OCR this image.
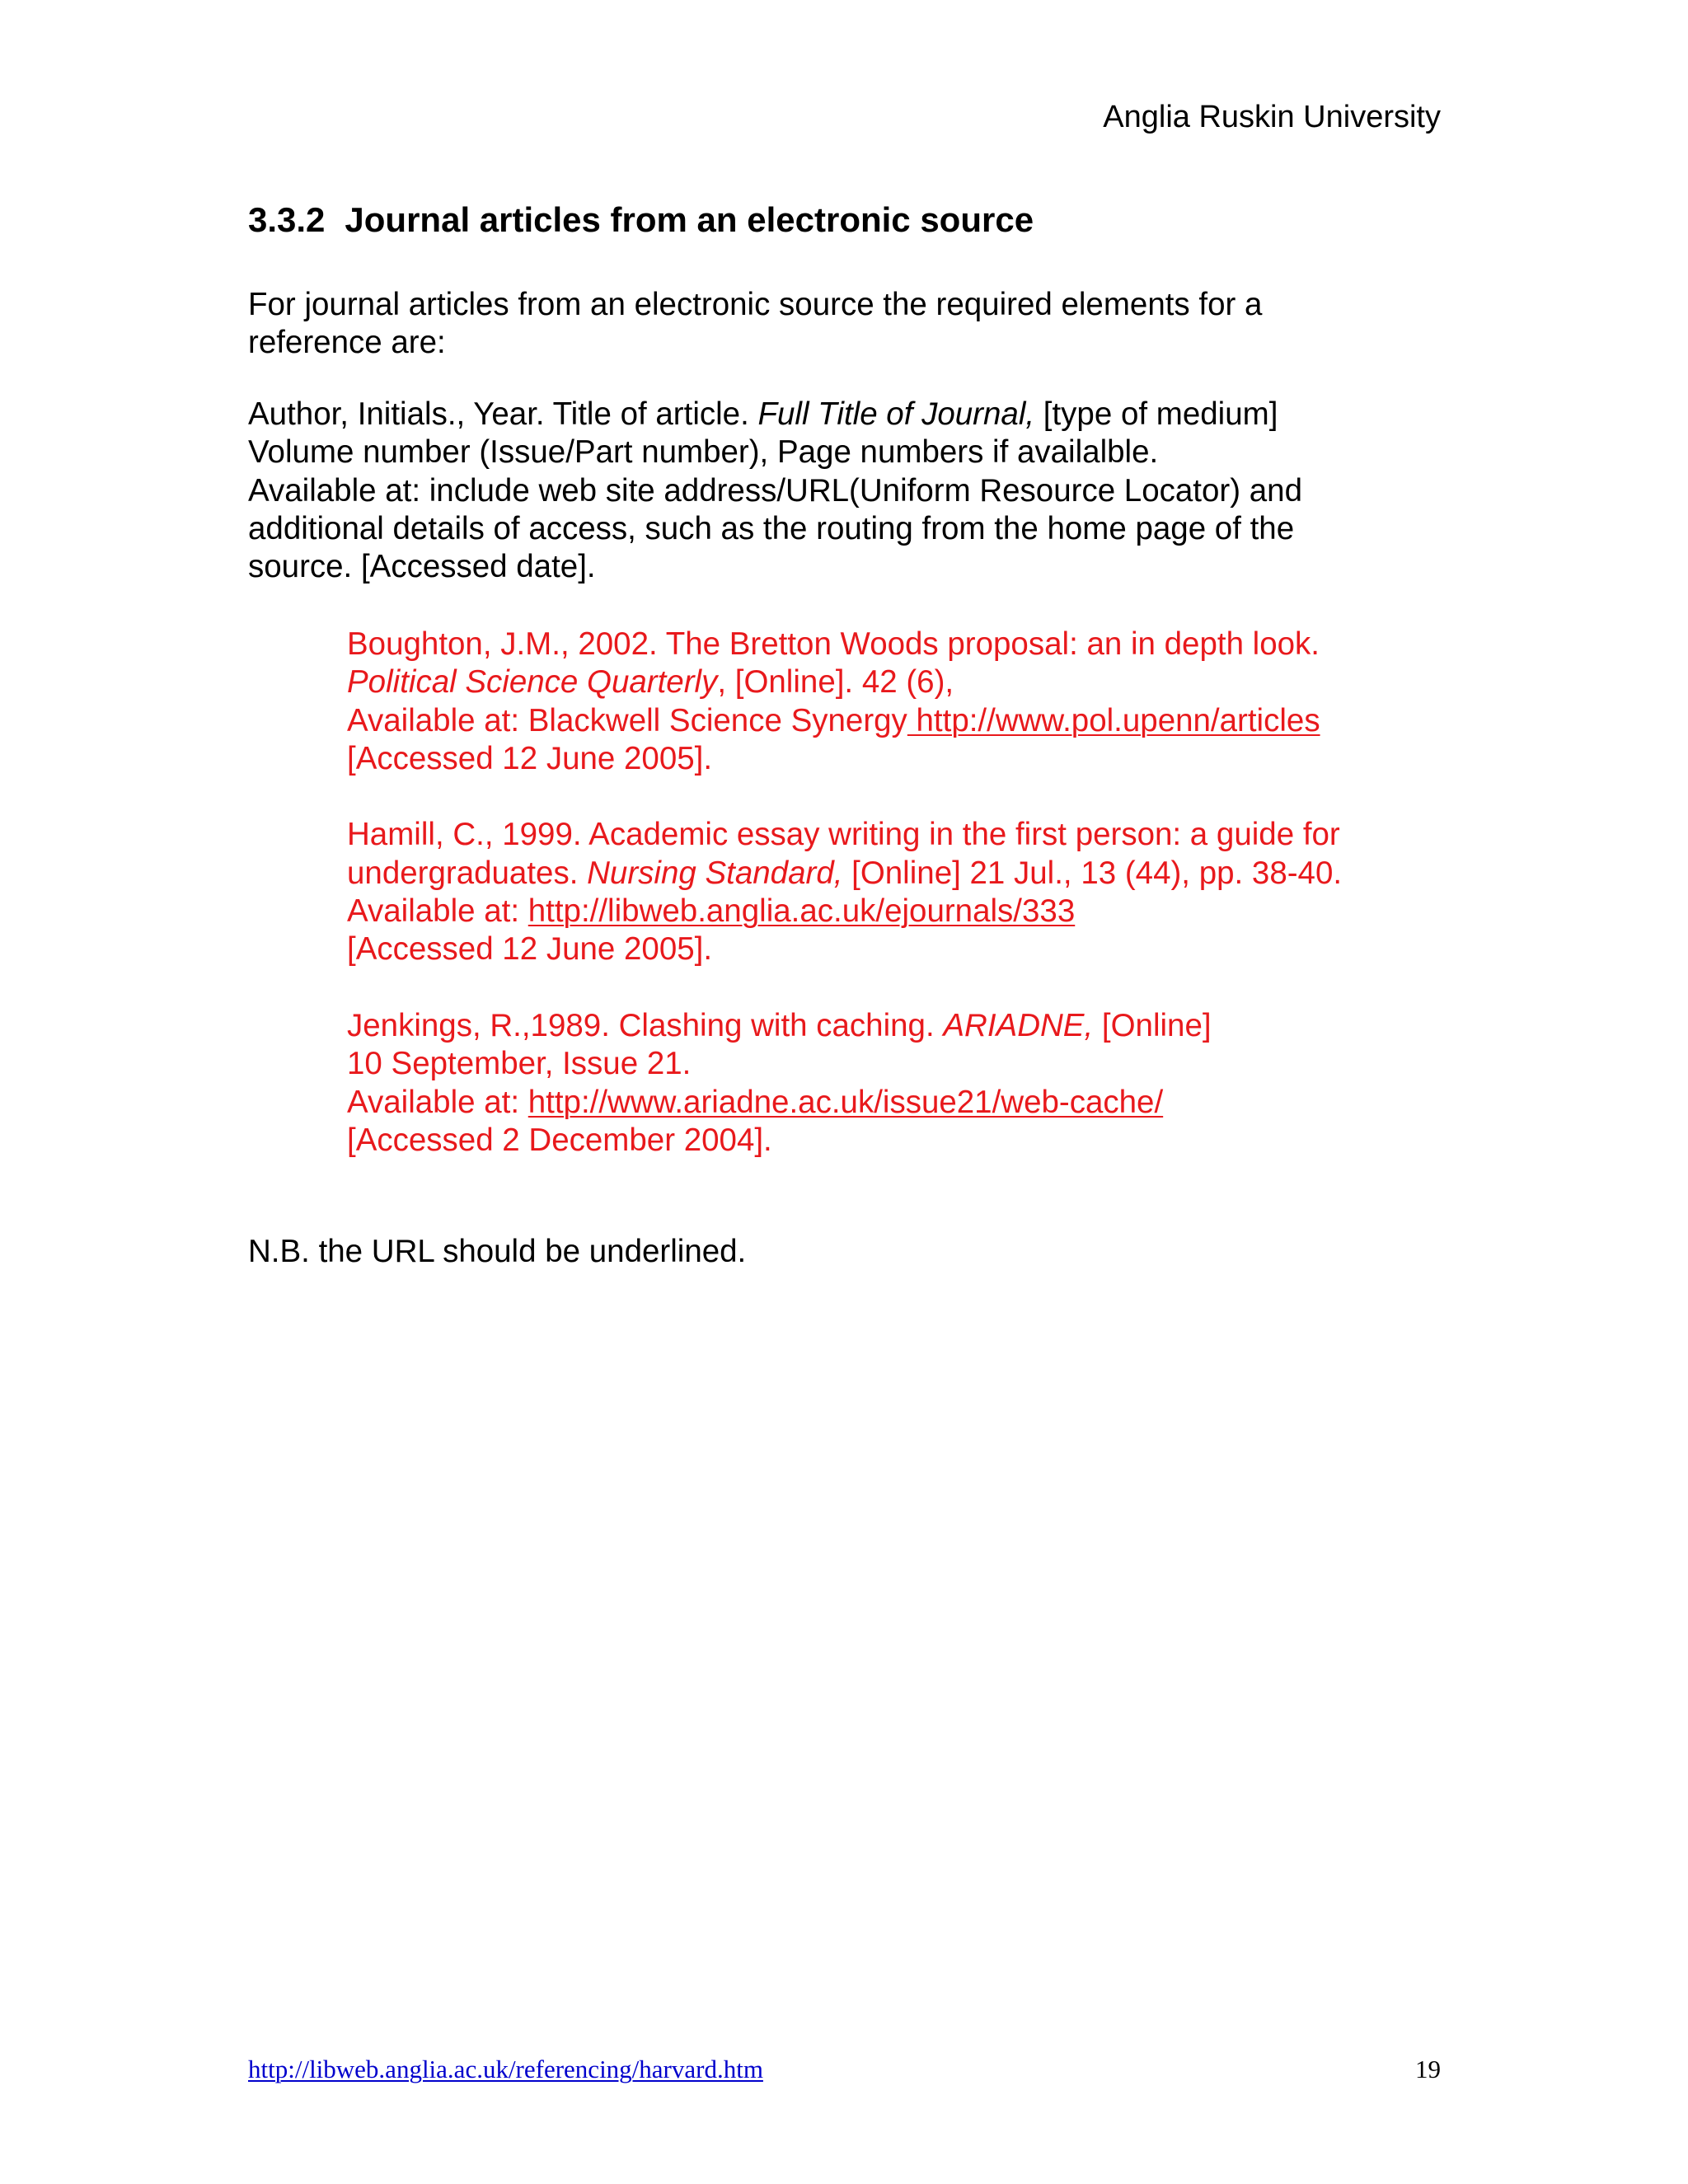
Anglia Ruskin University
3.3.2 Journal articles from an electronic source

For journal articles from an electronic source the required elements for a
reference are:

Author, Initials., Year. Title of article. Full Title of Journal, [type of medium]
Volume number (Issue/Part number), Page numbers if availalble.
Available at: include web site address/URL(Uniform Resource Locator) and
additional details of access, such as the routing from the home page of the
source. [Accessed date].

Boughton, J.M., 2002. The Bretton Woods proposal: an in depth look.
Political Science Quarterly, [Online]. 42 (6),
Available at: Blackwell Science Synergy http://www.pol.upenn/articles
[Accessed 12 June 2005].

Hamill, C., 1999. Academic essay writing in the first person: a guide for
undergraduates. Nursing Standard, [Online] 21 Jul., 13 (44), pp. 38-40.
Available at: http://libweb.anglia.ac.uk/ejournals/333
[Accessed 12 June 2005].

Jenkings, R.,1989. Clashing with caching. ARIADNE, [Online]
10 September, Issue 21.
Available at: http://www.ariadne.ac.uk/issue21/web-cache/
[Accessed 2 December 2004].

N.B. the URL should be underlined.

http://libweb.anglia.ac.uk/referencing/harvard.htm	19
